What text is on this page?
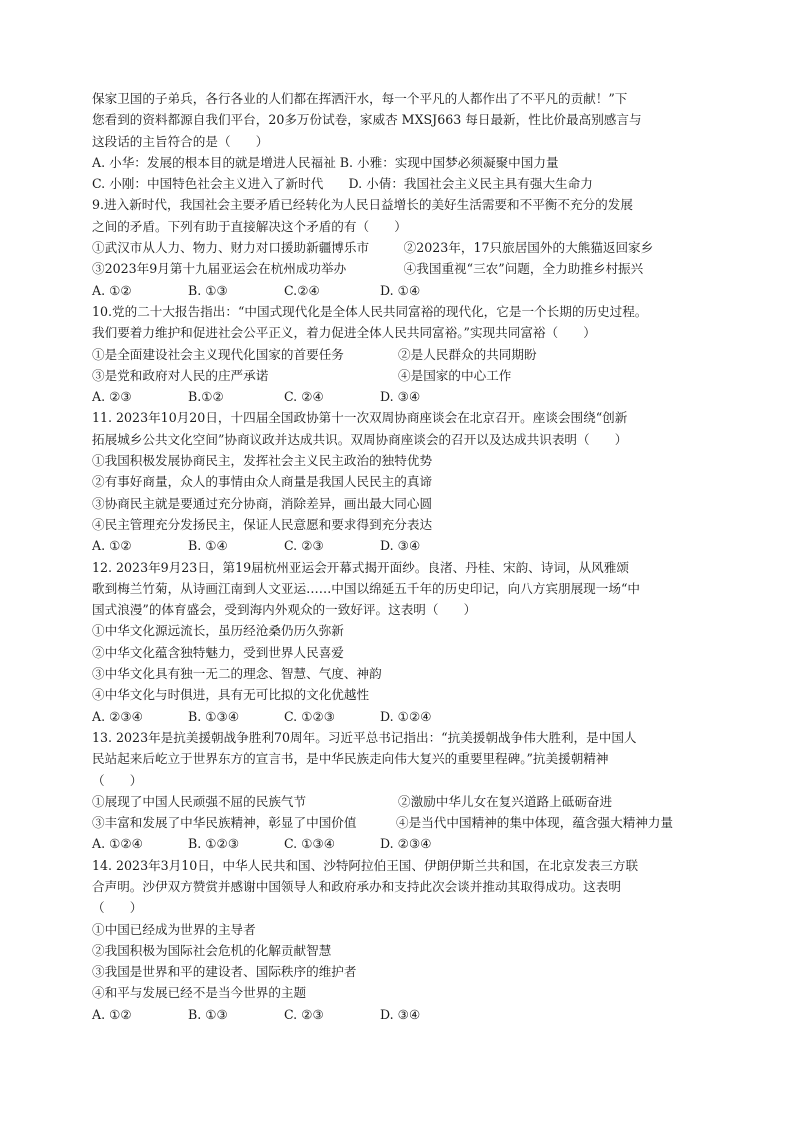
保家卫国的子弟兵，各行各业的人们都在挥洒汗水，每一个平凡的人都作出了不平凡的贡献！”下
您看到的资料都源自我们平台，20多万份试卷，家威杏 MXSJ663 每日最新，性比价最高别感言与
这段话的主旨符合的是（　　）
A. 小华：发展的根本目的就是增进人民福祉 B. 小雅：实现中国梦必须凝聚中国力量
C. 小刚：中国特色社会主义进入了新时代　　D. 小倩：我国社会主义民主具有强大生命力
9.进入新时代，我国社会主要矛盾已经转化为人民日益增长的美好生活需要和不平衡不充分的发展
之间的矛盾。下列有助于直接解决这个矛盾的有（　　）
①武汉市从人力、物力、财力对口援助新疆博乐市	②2023年，17只旅居国外的大熊猫返回家乡
③2023年9月第十九届亚运会在杭州成功举办	④我国重视“三农”问题，全力助推乡村振兴
A. ①②	B. ①③	C.②④	D. ①④
10.党的二十大报告指出：“中国式现代化是全体人民共同富裕的现代化，它是一个长期的历史过程。
我们要着力维护和促进社会公平正义，着力促进全体人民共同富裕。”实现共同富裕（　　）
①是全面建设社会主义现代化国家的首要任务	②是人民群众的共同期盼
③是党和政府对人民的庄严承诺	④是国家的中心工作
A. ②③	B.①②	C. ②④	D. ③④
11. 2023年10月20日，十四届全国政协第十一次双周协商座谈会在北京召开。座谈会围绕“创新
拓展城乡公共文化空间”协商议政并达成共识。双周协商座谈会的召开以及达成共识表明（　　）
①我国积极发展协商民主，发挥社会主义民主政治的独特优势
②有事好商量，众人的事情由众人商量是我国人民民主的真谛
③协商民主就是要通过充分协商，消除差异，画出最大同心圆
④民主管理充分发扬民主，保证人民意愿和要求得到充分表达
A. ①②	B. ①④	C. ②③	D. ③④
12. 2023年9月23日，第19届杭州亚运会开幕式揭开面纱。良渚、丹桂、宋韵、诗词，从风雅颂
歌到梅兰竹菊，从诗画江南到人文亚运……中国以绵延五千年的历史印记，向八方宾朋展现一场“中
国式浪漫”的体育盛会，受到海内外观众的一致好评。这表明（　　）
①中华文化源远流长，虽历经沧桑仍历久弥新
②中华文化蕴含独特魅力，受到世界人民喜爱
③中华文化具有独一无二的理念、智慧、气度、神韵
④中华文化与时俱进，具有无可比拟的文化优越性
A. ②③④	B. ①③④	C. ①②③	D. ①②④
13. 2023年是抗美援朝战争胜利70周年。习近平总书记指出：“抗美援朝战争伟大胜利，是中国人
民站起来后屹立于世界东方的宣言书，是中华民族走向伟大复兴的重要里程碑。”抗美援朝精神
（　　）
①展现了中国人民顽强不屈的民族气节	②激励中华儿女在复兴道路上砥砺奋进
③丰富和发展了中华民族精神，彰显了中国价值	④是当代中国精神的集中体现，蕴含强大精神力量
A. ①②④	B. ①②③	C. ①③④	D. ②③④
14. 2023年3月10日，中华人民共和国、沙特阿拉伯王国、伊朗伊斯兰共和国，在北京发表三方联
合声明。沙伊双方赞赏并感谢中国领导人和政府承办和支持此次会谈并推动其取得成功。这表明
（　　）
①中国已经成为世界的主导者
②我国积极为国际社会危机的化解贡献智慧
③我国是世界和平的建设者、国际秩序的维护者
④和平与发展已经不是当今世界的主题
A. ①②	B. ①③	C. ②③	D. ③④
